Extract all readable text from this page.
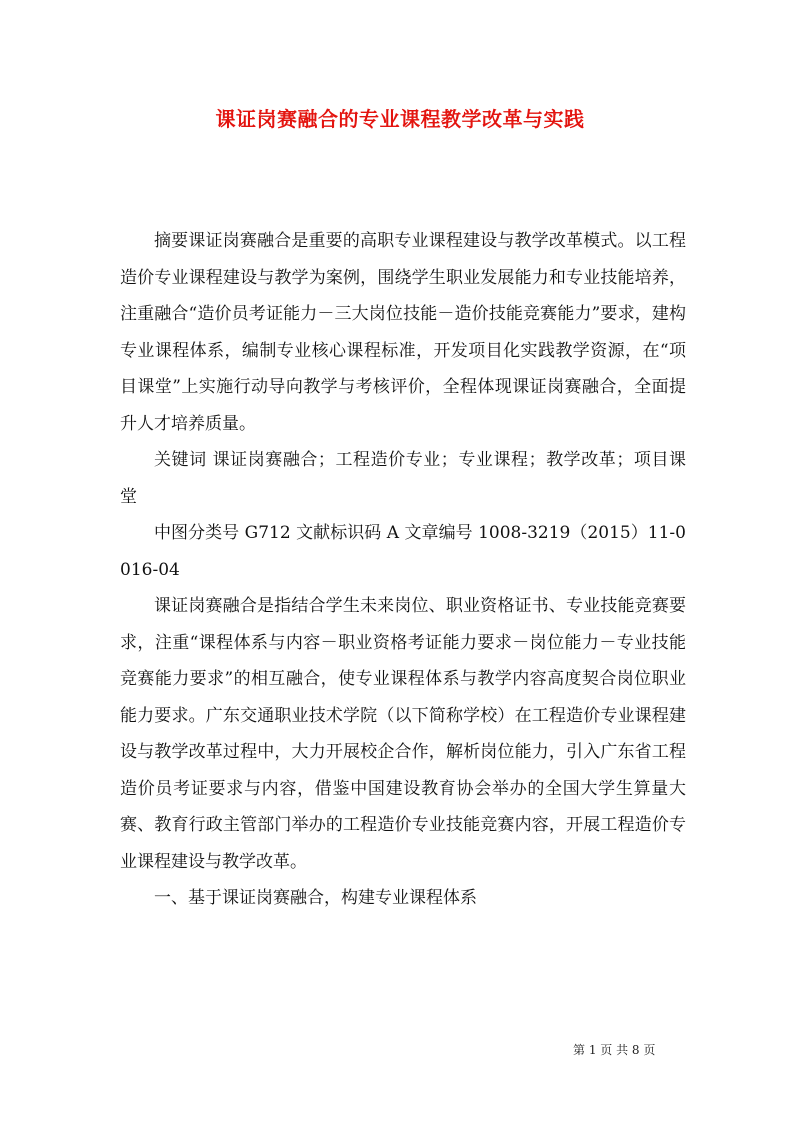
课证岗赛融合的专业课程教学改革与实践

摘要课证岗赛融合是重要的高职专业课程建设与教学改革模式。以工程造价专业课程建设与教学为案例，围绕学生职业发展能力和专业技能培养，注重融合“造价员考证能力－三大岗位技能－造价技能竞赛能力”要求，建构专业课程体系，编制专业核心课程标准，开发项目化实践教学资源，在“项目课堂”上实施行动导向教学与考核评价，全程体现课证岗赛融合，全面提升人才培养质量。

关键词 课证岗赛融合；工程造价专业；专业课程；教学改革；项目课堂

中图分类号 G712 文献标识码 A 文章编号 1008-3219（2015）11-0016-04

课证岗赛融合是指结合学生未来岗位、职业资格证书、专业技能竞赛要求，注重“课程体系与内容－职业资格考证能力要求－岗位能力－专业技能竞赛能力要求”的相互融合，使专业课程体系与教学内容高度契合岗位职业能力要求。广东交通职业技术学院（以下简称学校）在工程造价专业课程建设与教学改革过程中，大力开展校企合作，解析岗位能力，引入广东省工程造价员考证要求与内容，借鉴中国建设教育协会举办的全国大学生算量大赛、教育行政主管部门举办的工程造价专业技能竞赛内容，开展工程造价专业课程建设与教学改革。

一、基于课证岗赛融合，构建专业课程体系

第 1 页 共 8 页
